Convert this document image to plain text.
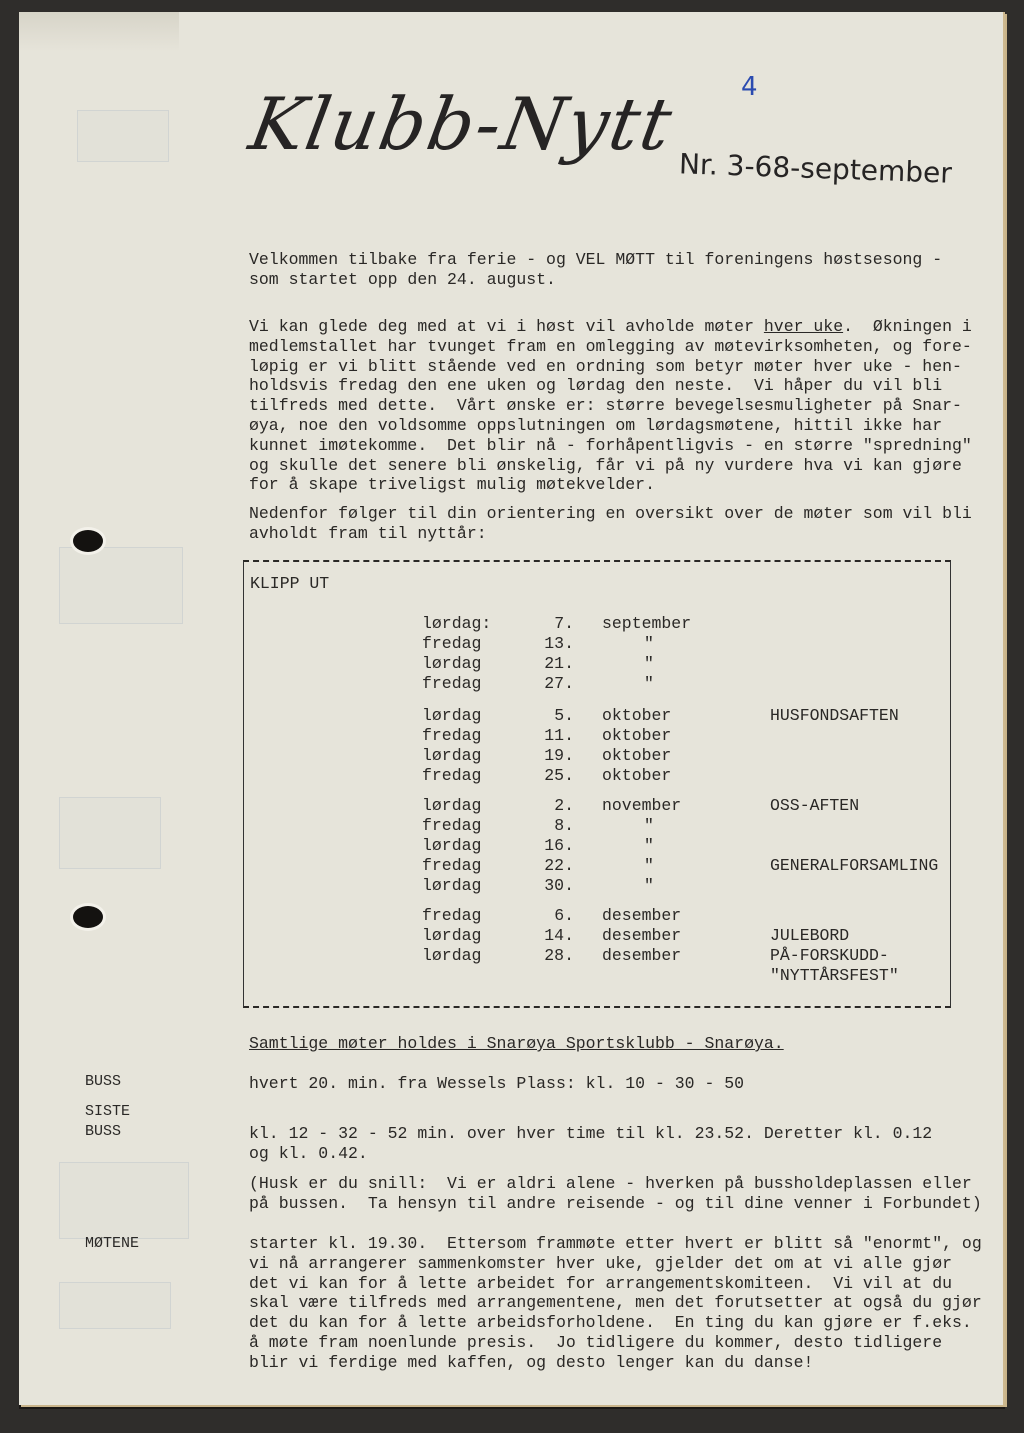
Klubb-Nytt 4
Nr. 3-68-september
Velkommen tilbake fra ferie - og VEL MØTT til foreningens høstsesong -
som startet opp den 24. august.
Vi kan glede deg med at vi i høst vil avholde møter hver uke.  Økningen i
medlemstallet har tvunget fram en omlegging av møtevirksomheten, og fore-
løpig er vi blitt stående ved en ordning som betyr møter hver uke - hen-
holdsvis fredag den ene uken og lørdag den neste.  Vi håper du vil bli
tilfreds med dette.  Vårt ønske er: større bevegelsesmuligheter på Snar-
øya, noe den voldsomme oppslutningen om lørdagsmøtene, hittil ikke har
kunnet imøtekomme.  Det blir nå - forhåpentligvis - en større "spredning"
og skulle det senere bli ønskelig, får vi på ny vurdere hva vi kan gjøre
for å skape triveligst mulig møtekvelder.
Nedenfor følger til din orientering en oversikt over de møter som vil bli
avholdt fram til nyttår:
KLIPP UT
lørdag:	7. september
fredag	13.	"
lørdag	21.	"
fredag	27.	"
lørdag	5. oktober	HUSFONDSAFTEN
fredag	11. oktober
lørdag	19. oktober
fredag	25. oktober
lørdag	2. november	OSS-AFTEN
fredag	8.	"
lørdag	16.	"
fredag	22.	"	GENERALFORSAMLING
lørdag	30.	"
fredag	6. desember
lørdag	14. desember	JULEBORD
lørdag	28. desember	PÅ-FORSKUDD-
"NYTTÅRSFEST"
Samtlige møter holdes i Snarøya Sportsklubb - Snarøya.
BUSS	hvert 20. min. fra Wessels Plass: kl. 10 - 30 - 50
SISTE
BUSS	kl. 12 - 32 - 52 min. over hver time til kl. 23.52. Deretter kl. 0.12
og kl. 0.42.
(Husk er du snill:  Vi er aldri alene - hverken på bussholdeplassen eller
på bussen.  Ta hensyn til andre reisende - og til dine venner i Forbundet)
MØTENE	starter kl. 19.30.  Ettersom frammøte etter hvert er blitt så "enormt", og
vi nå arrangerer sammenkomster hver uke, gjelder det om at vi alle gjør
det vi kan for å lette arbeidet for arrangementskomiteen.  Vi vil at du
skal være tilfreds med arrangementene, men det forutsetter at også du gjør
det du kan for å lette arbeidsforholdene.  En ting du kan gjøre er f.eks.
å møte fram noenlunde presis.  Jo tidligere du kommer, desto tidligere
blir vi ferdige med kaffen, og desto lenger kan du danse!
